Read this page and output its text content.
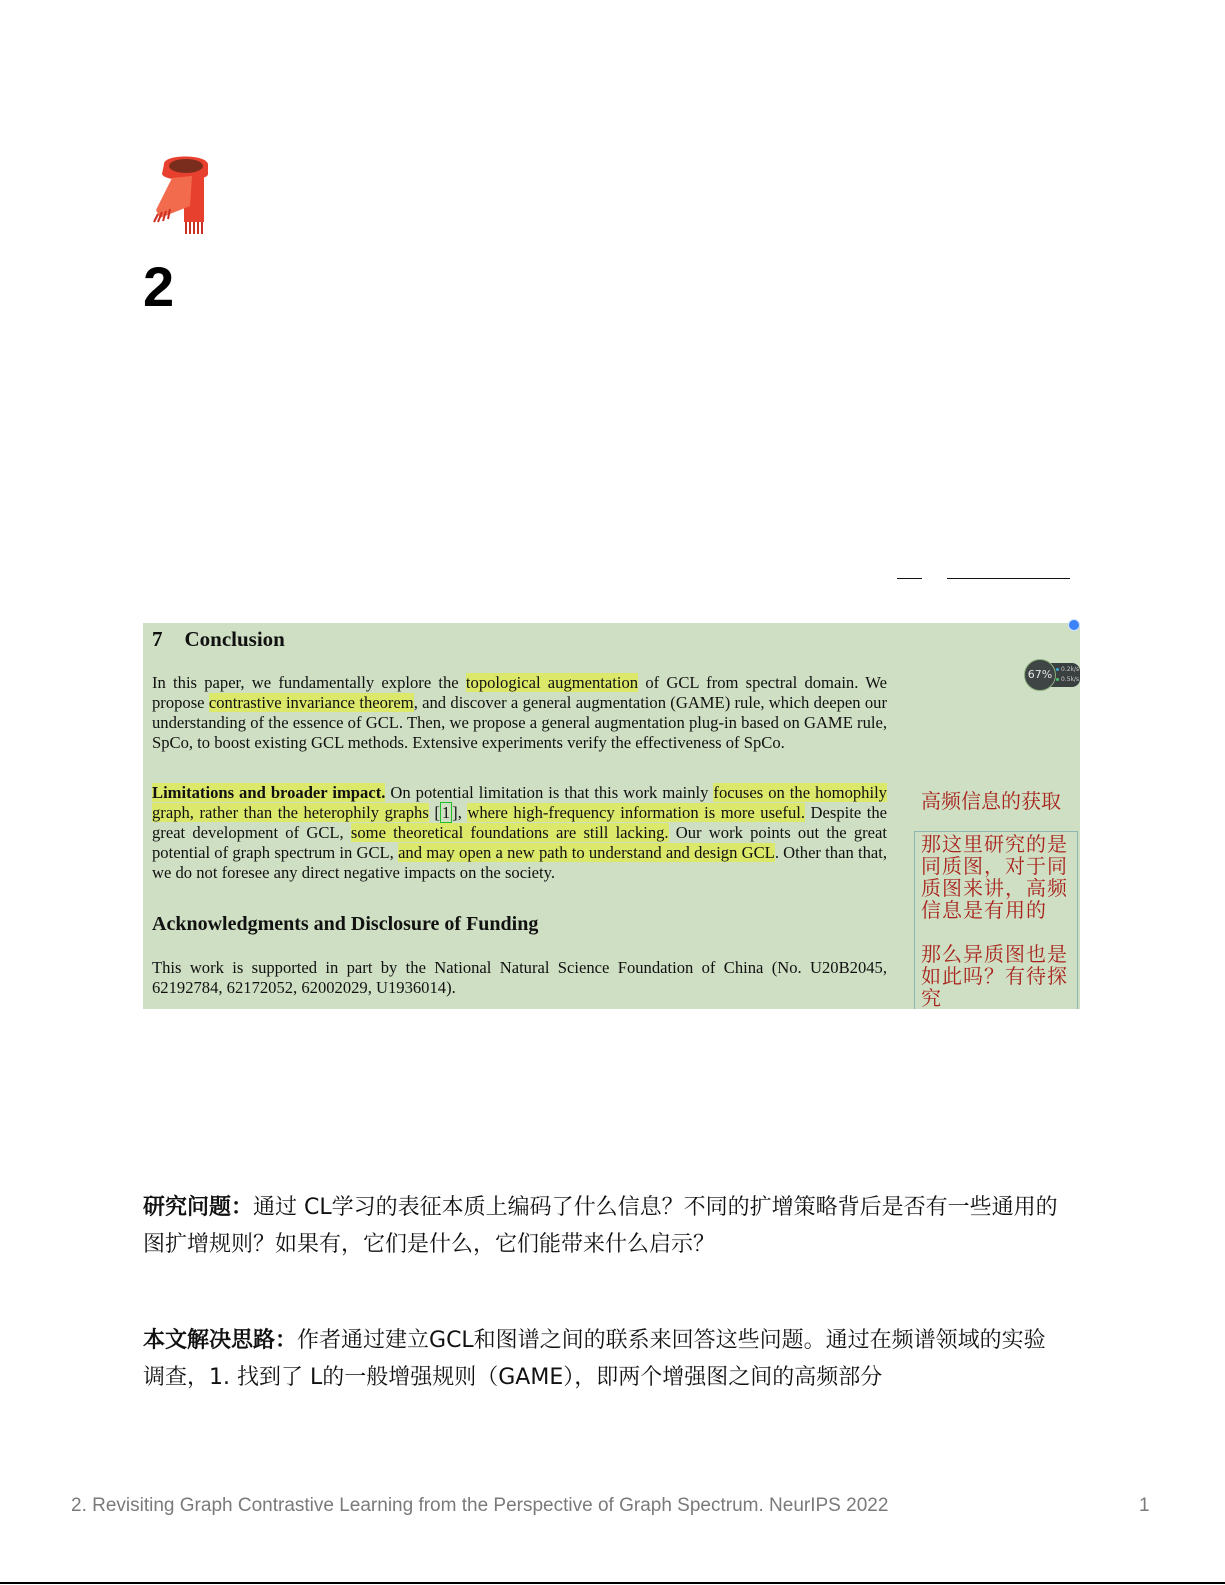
2
7 Conclusion
In this paper, we fundamentally explore the topological augmentation of GCL from spectral domain. We propose contrastive invariance theorem, and discover a general augmentation (GAME) rule, which deepen our understanding of the essence of GCL. Then, we propose a general augmentation plug-in based on GAME rule, SpCo, to boost existing GCL methods. Extensive experiments verify the effectiveness of SpCo.
Limitations and broader impact. On potential limitation is that this work mainly focuses on the homophily graph, rather than the heterophily graphs [ 1 ], where high-frequency information is more useful. Despite the great development of GCL, some theoretical foundations are still lacking. Our work points out the great potential of graph spectrum in GCL, and may open a new path to understand and design GCL. Other than that, we do not foresee any direct negative impacts on the society.
Acknowledgments and Disclosure of Funding
This work is supported in part by the National Natural Science Foundation of China (No. U20B2045, 62192784, 62172052, 62002029, U1936014).
高频信息的获取

那这里研究的是同质图，对于同质图来讲，高频信息是有用的

那么异质图也是如此吗？有待探究

67%	0.2k/s
0.5k/s
研究问题：通过 CL学习的表征本质上编码了什么信息？不同的扩增策略背后是否有一些通用的图扩增规则？如果有，它们是什么，它们能带来什么启示？
本文解决思路：作者通过建立GCL和图谱之间的联系来回答这些问题。通过在频谱领域的实验调查，1. 找到了 L的一般增强规则（GAME），即两个增强图之间的高频部分
2. Revisiting Graph Contrastive Learning from the Perspective of Graph Spectrum. NeurIPS 2022	1
